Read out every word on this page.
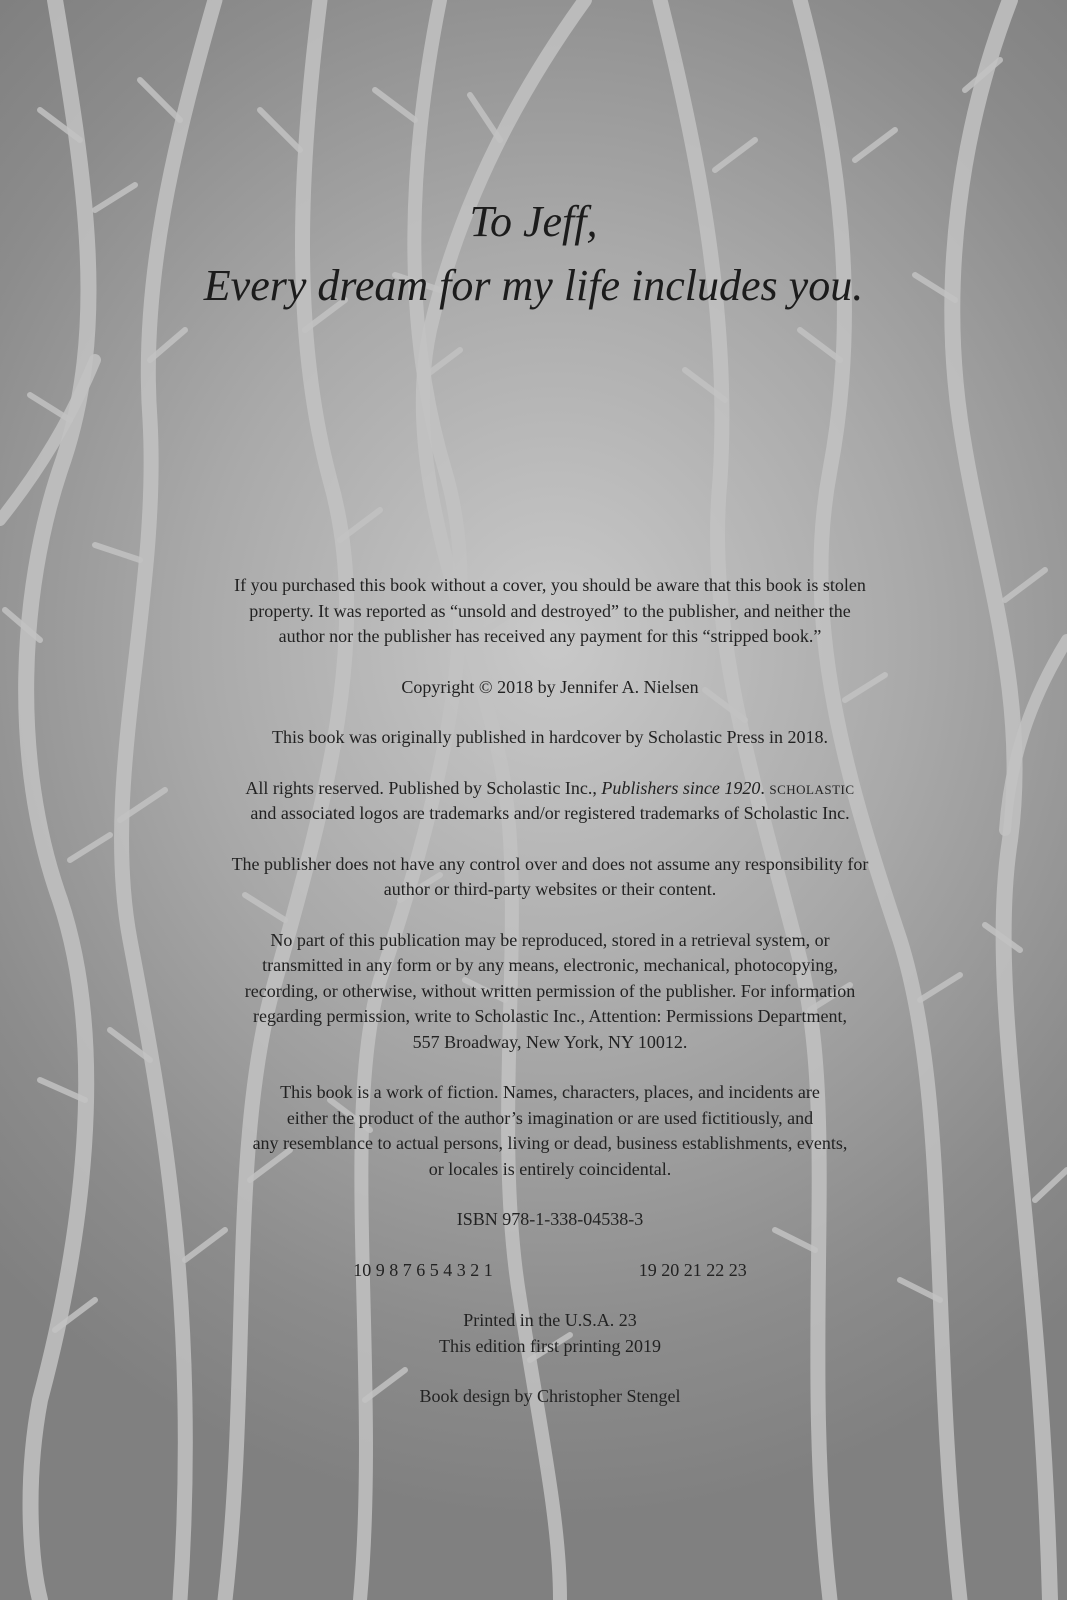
To Jeff,
Every dream for my life includes you.

If you purchased this book without a cover, you should be aware that this book is stolen
property. It was reported as “unsold and destroyed” to the publisher, and neither the
author nor the publisher has received any payment for this “stripped book.”

Copyright © 2018 by Jennifer A. Nielsen

This book was originally published in hardcover by Scholastic Press in 2018.

All rights reserved. Published by Scholastic Inc., Publishers since 1920. scholastic
and associated logos are trademarks and/or registered trademarks of Scholastic Inc.

The publisher does not have any control over and does not assume any responsibility for
author or third-party websites or their content.

No part of this publication may be reproduced, stored in a retrieval system, or
transmitted in any form or by any means, electronic, mechanical, photocopying,
recording, or otherwise, without written permission of the publisher. For information
regarding permission, write to Scholastic Inc., Attention: Permissions Department,
557 Broadway, New York, NY 10012.

This book is a work of fiction. Names, characters, places, and incidents are
either the product of the author’s imagination or are used fictitiously, and
any resemblance to actual persons, living or dead, business establishments, events,
or locales is entirely coincidental.

ISBN 978-1-338-04538-3

10 9 8 7 6 5 4 3 2 1	19 20 21 22 23

Printed in the U.S.A. 23
This edition first printing 2019

Book design by Christopher Stengel
